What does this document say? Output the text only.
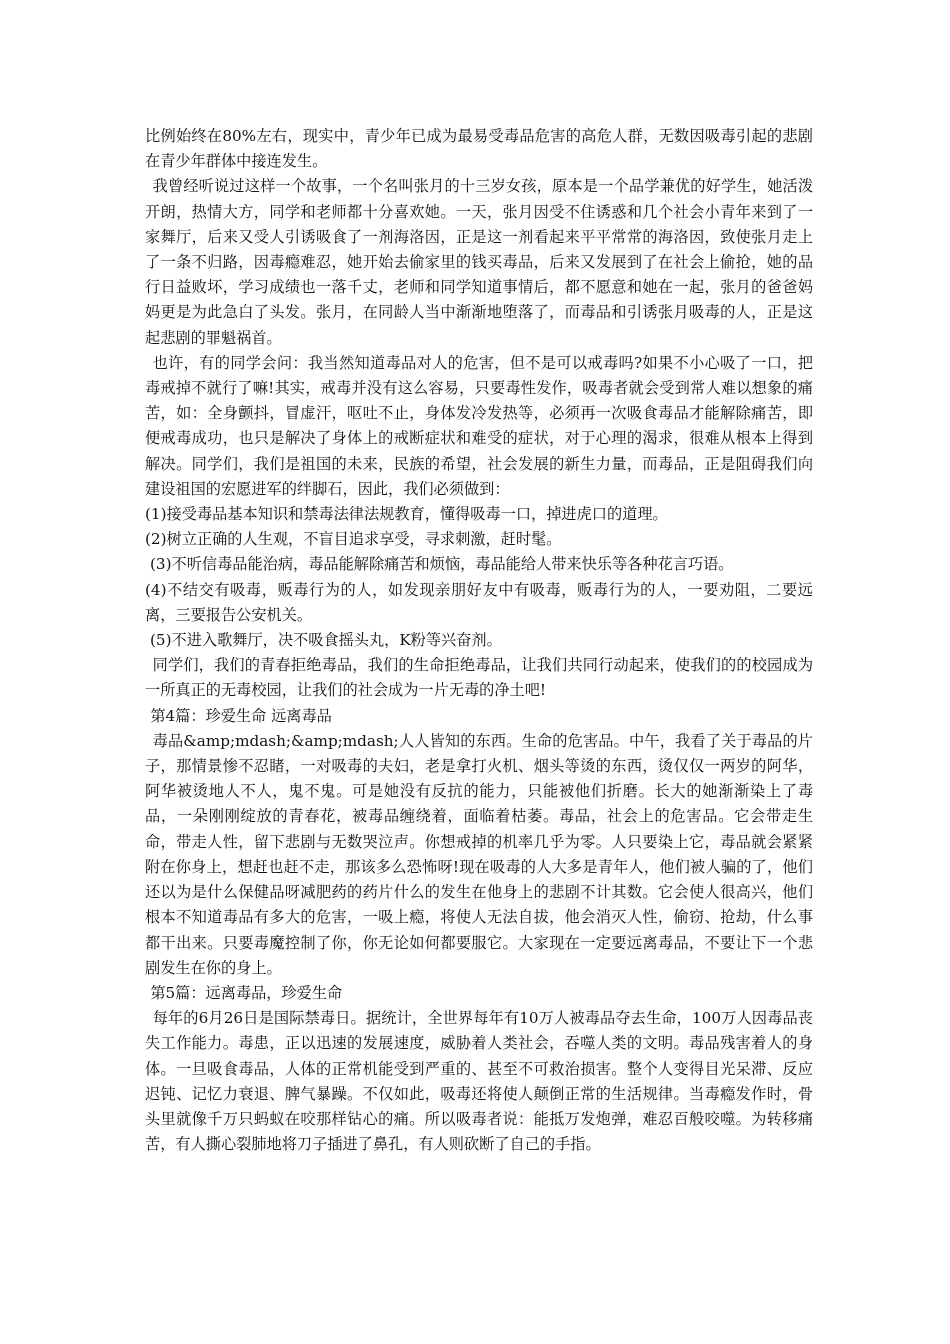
比例始终在80%左右，现实中，青少年已成为最易受毒品危害的高危人群，无数因吸毒引起的悲剧在青少年群体中接连发生。

我曾经听说过这样一个故事，一个名叫张月的十三岁女孩，原本是一个品学兼优的好学生，她活泼开朗，热情大方，同学和老师都十分喜欢她。一天，张月因受不住诱惑和几个社会小青年来到了一家舞厅，后来又受人引诱吸食了一剂海洛因，正是这一剂看起来平平常常的海洛因，致使张月走上了一条不归路，因毒瘾难忍，她开始去偷家里的钱买毒品，后来又发展到了在社会上偷抢，她的品行日益败坏，学习成绩也一落千丈，老师和同学知道事情后，都不愿意和她在一起，张月的爸爸妈妈更是为此急白了头发。张月，在同龄人当中渐渐地堕落了，而毒品和引诱张月吸毒的人，正是这起悲剧的罪魁祸首。

也许，有的同学会问：我当然知道毒品对人的危害，但不是可以戒毒吗?如果不小心吸了一口，把毒戒掉不就行了嘛!其实，戒毒并没有这么容易，只要毒性发作，吸毒者就会受到常人难以想象的痛苦，如：全身颤抖，冒虚汗，呕吐不止，身体发冷发热等，必须再一次吸食毒品才能解除痛苦，即便戒毒成功，也只是解决了身体上的戒断症状和难受的症状，对于心理的渴求，很难从根本上得到解决。同学们，我们是祖国的未来，民族的希望，社会发展的新生力量，而毒品，正是阻碍我们向建设祖国的宏愿进军的绊脚石，因此，我们必须做到：

(1)接受毒品基本知识和禁毒法律法规教育，懂得吸毒一口，掉进虎口的道理。

(2)树立正确的人生观，不盲目追求享受，寻求刺激，赶时髦。

(3)不听信毒品能治病，毒品能解除痛苦和烦恼，毒品能给人带来快乐等各种花言巧语。

(4)不结交有吸毒，贩毒行为的人，如发现亲朋好友中有吸毒，贩毒行为的人，一要劝阻，二要远离，三要报告公安机关。

(5)不进入歌舞厅，决不吸食摇头丸，K粉等兴奋剂。

同学们，我们的青春拒绝毒品，我们的生命拒绝毒品，让我们共同行动起来，使我们的的校园成为一所真正的无毒校园，让我们的社会成为一片无毒的净土吧!

第4篇：珍爱生命 远离毒品

毒品&amp;mdash;&amp;mdash;人人皆知的东西。生命的危害品。中午，我看了关于毒品的片子，那情景惨不忍睹，一对吸毒的夫妇，老是拿打火机、烟头等烫的东西，烫仅仅一两岁的阿华，阿华被烫地人不人，鬼不鬼。可是她没有反抗的能力，只能被他们折磨。长大的她渐渐染上了毒品，一朵刚刚绽放的青春花，被毒品缠绕着，面临着枯萎。毒品，社会上的危害品。它会带走生命，带走人性，留下悲剧与无数哭泣声。你想戒掉的机率几乎为零。人只要染上它，毒品就会紧紧附在你身上，想赶也赶不走，那该多么恐怖呀!现在吸毒的人大多是青年人，他们被人骗的了，他们还以为是什么保健品呀减肥药的药片什么的发生在他身上的悲剧不计其数。它会使人很高兴，他们根本不知道毒品有多大的危害，一吸上瘾，将使人无法自拔，他会消灭人性，偷窃、抢劫，什么事都干出来。只要毒魔控制了你，你无论如何都要服它。大家现在一定要远离毒品，不要让下一个悲剧发生在你的身上。

第5篇：远离毒品，珍爱生命

每年的6月26日是国际禁毒日。据统计，全世界每年有10万人被毒品夺去生命，100万人因毒品丧失工作能力。毒患，正以迅速的发展速度，威胁着人类社会，吞噬人类的文明。毒品残害着人的身体。一旦吸食毒品，人体的正常机能受到严重的、甚至不可救治损害。整个人变得目光呆滞、反应迟钝、记忆力衰退、脾气暴躁。不仅如此，吸毒还将使人颠倒正常的生活规律。当毒瘾发作时，骨头里就像千万只蚂蚁在咬那样钻心的痛。所以吸毒者说：能抵万发炮弹，难忍百般咬噬。为转移痛苦，有人撕心裂肺地将刀子插进了鼻孔，有人则砍断了自己的手指。
